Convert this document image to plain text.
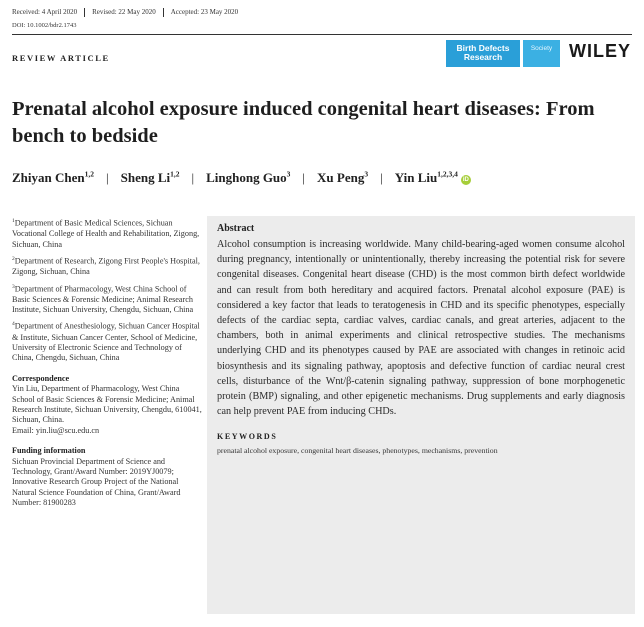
Received: 4 April 2020 Revised: 22 May 2020 Accepted: 23 May 2020
DOI: 10.1002/bdr2.1743
REVIEW ARTICLE
Birth Defects
Research
Society WILEY
Prenatal alcohol exposure induced congenital heart diseases: From bench to bedside
Zhiyan Chen$^{1,2}$ | Sheng Li$^{1,2}$ | Linghong Guo$^3$ | Xu Peng$^3$ | Yin Liu$^{1,2,3,4}$iD
$^1$Department of Basic Medical Sciences, Sichuan Vocational College of Health and Rehabilitation, Zigong, Sichuan, China
$^2$Department of Research, Zigong First People's Hospital, Zigong, Sichuan, China
$^3$Department of Pharmacology, West China School of Basic Sciences & Forensic Medicine; Animal Research Institute, Sichuan University, Chengdu, Sichuan, China
$^4$Department of Anesthesiology, Sichuan Cancer Hospital & Institute, Sichuan Cancer Center, School of Medicine, University of Electronic Science and Technology of China, Chengdu, Sichuan, China
Correspondence

Yin Liu, Department of Pharmacology, West China School of Basic Sciences & Forensic Medicine; Animal Research Institute, Sichuan University, Chengdu, 610041, Sichuan, China.

Email: yin.liu@scu.edu.cn

Funding information

Sichuan Provincial Department of Science and Technology, Grant/Award Number: 2019YJ0079; Innovative Research Group Project of the National Natural Science Foundation of China, Grant/Award Number: 81900283

Abstract

Alcohol consumption is increasing worldwide. Many child-bearing-aged women consume alcohol during pregnancy, intentionally or unintentionally, thereby increasing the potential risk for severe congenital diseases. Congenital heart disease (CHD) is the most common birth defect worldwide and can result from both hereditary and acquired factors. Prenatal alcohol exposure (PAE) is considered a key factor that leads to teratogenesis in CHD and its specific phenotypes, especially defects of the cardiac septa, cardiac valves, cardiac canals, and great arteries, adjacent to the chambers, both in animal experiments and clinical retrospective studies. The mechanisms underlying CHD and its phenotypes caused by PAE are associated with changes in retinoic acid biosynthesis and its signaling pathway, apoptosis and defective function of cardiac neural crest cells, disturbance of the Wnt/β-catenin signaling pathway, suppression of bone morphogenetic protein (BMP) signaling, and other epigenetic mechanisms. Drug supplements and early diagnosis can help prevent PAE from inducing CHDs.

KEYWORDS

prenatal alcohol exposure, congenital heart diseases, phenotypes, mechanisms, prevention
